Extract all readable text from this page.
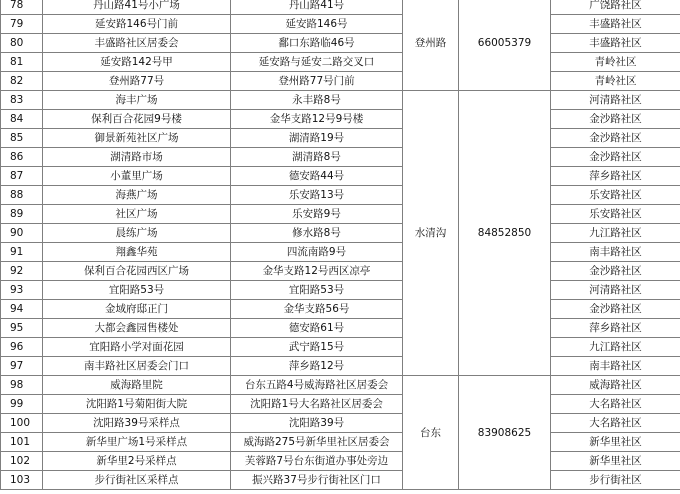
78	丹山路41号小广场	丹山路41号	登州路	66005379	广饶路社区
79	延安路146号门前	延安路146号			丰盛路社区
80	丰盛路社区居委会	鄱口东路临46号			丰盛路社区
81	延安路142号甲	延安路与延安二路交叉口			青岭社区
82	登州路77号	登州路77号门前			青岭社区
83	海丰广场	永丰路8号	水清沟	84852850	河清路社区
84	保利百合花园9号楼	金华支路12号9号楼			金沙路社区
85	御景新苑社区广场	湖清路19号			金沙路社区
86	湖清路市场	湖清路8号			金沙路社区
87	小董里广场	德安路44号			萍乡路社区
88	海燕广场	乐安路13号			乐安路社区
89	社区广场	乐安路9号			乐安路社区
90	晨练广场	修水路8号			九江路社区
91	翔鑫华苑	四流南路9号			南丰路社区
92	保利百合花园西区广场	金华支路12号西区凉亭			金沙路社区
93	宜阳路53号	宜阳路53号			河清路社区
94	金域府邸正门	金华支路56号			金沙路社区
95	大都会鑫园售楼处	德安路61号			萍乡路社区
96	宜阳路小学对面花园	武宁路15号			九江路社区
97	南丰路社区居委会门口	萍乡路12号			南丰路社区
98	威海路里院	台东五路4号威海路社区居委会	台东	83908625	威海路社区
99	沈阳路1号菊阳街大院	沈阳路1号大名路社区居委会			大名路社区
100	沈阳路39号采样点	沈阳路39号			大名路社区
101	新华里广场1号采样点	威海路275号新华里社区居委会			新华里社区
102	新华里2号采样点	芙蓉路7号台东街道办事处旁边			新华里社区
103	步行街社区采样点	振兴路37号步行街社区门口			步行街社区
